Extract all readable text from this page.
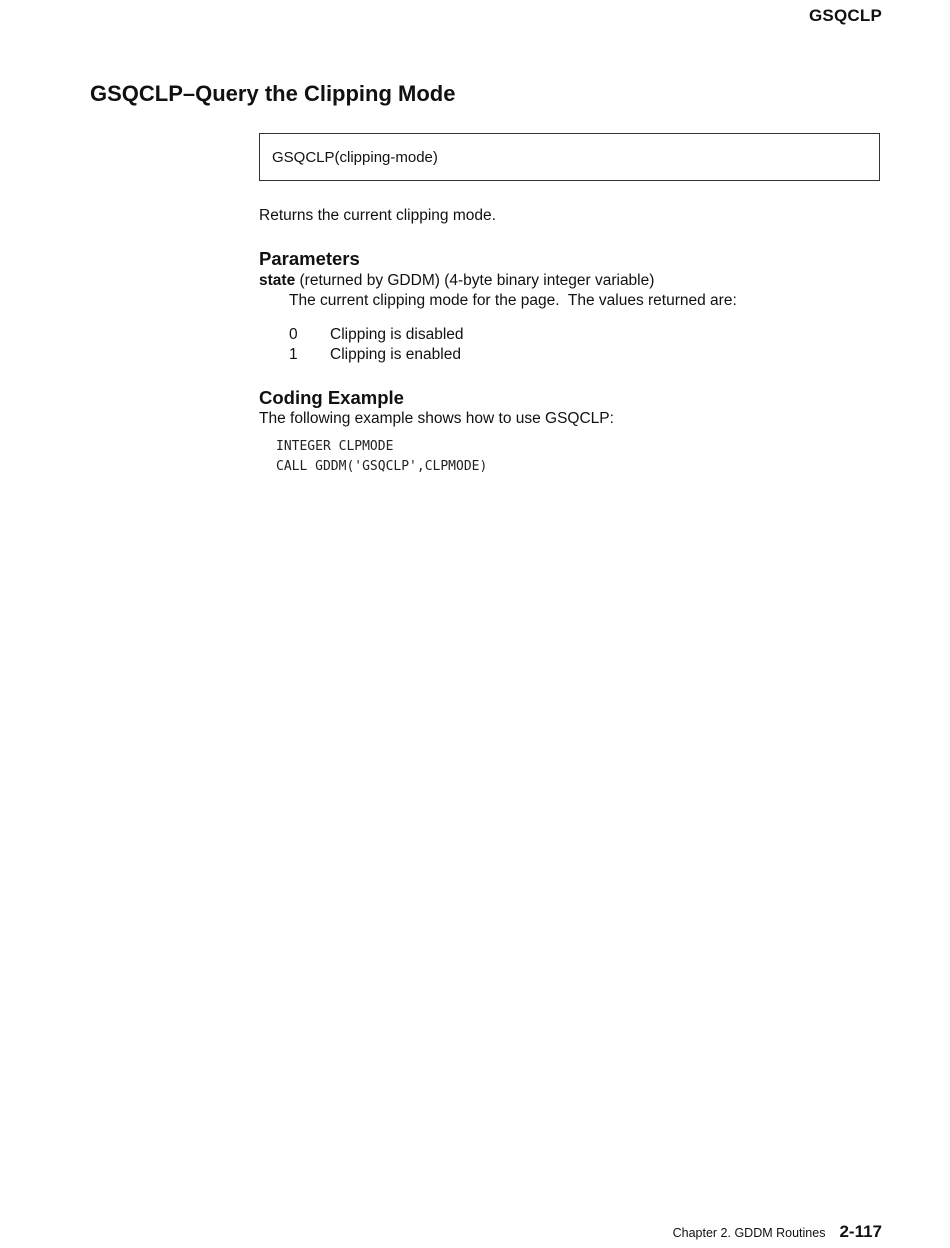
GSQCLP
GSQCLP–Query the Clipping Mode
GSQCLP(clipping-mode)
Returns the current clipping mode.
Parameters
state (returned by GDDM) (4-byte binary integer variable)
The current clipping mode for the page.  The values returned are:
0 Clipping is disabled
1 Clipping is enabled
Coding Example
The following example shows how to use GSQCLP:
INTEGER CLPMODE
CALL GDDM('GSQCLP',CLPMODE)
Chapter 2. GDDM Routines 2-117
